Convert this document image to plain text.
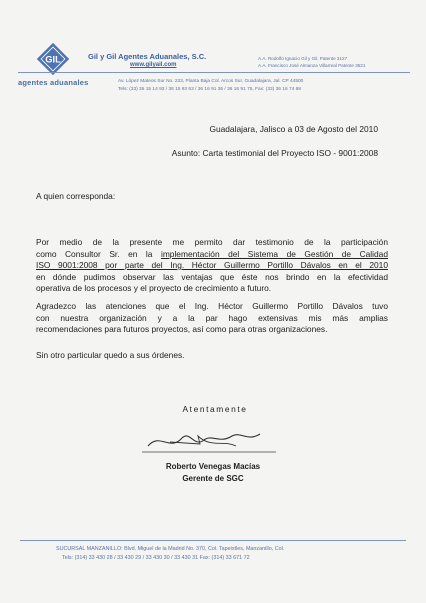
GIL
agentes aduanales
Gil y Gil Agentes Aduanales, S.C.
www.gilyail.com
A.A. Rodolfo Ignacio Gil y Gil, Patente 3127
A.A. Francisco José Almanza Villarreal Patente 3521
Av. López Mateos Sur No. 233, Planta Baja Col. Arcos Sur, Guadalajara, Jal. CP 44500
Tels: (33) 36 15 14 93 / 36 15 93 63 / 36 16 91 36 / 36 16 91 75, Fax: (33) 36 16 74 68
Guadalajara, Jalisco a 03 de Agosto del 2010
Asunto: Carta testimonial del Proyecto ISO - 9001:2008
A quien corresponda:
Por medio de la presente me permito dar testimonio de la participación
como Consultor Sr. en la implementación del Sistema de Gestión de Calidad
ISO 9001:2008 por parte del Ing. Héctor Guillermo Portillo Dávalos en el 2010
en dónde pudimos observar las ventajas que éste nos brindo en la efectividad
operativa de los procesos y el proyecto de crecimiento a futuro.
Agradezco las atenciones que el Ing. Héctor Guillermo Portillo Dávalos tuvo
con nuestra organización y a la par hago extensivas mis más amplias
recomendaciones para futuros proyectos, así como para otras organizaciones.
Sin otro particular quedo a sus órdenes.
Atentamente
Roberto Venegas Macías
Gerente de SGC
SUCURSAL MANZANILLO: Blvd. Miguel de la Madrid No. 370, Col. Tapeixtles, Manzanillo, Col.
Tels: (314) 33 430 28 / 33 430 29 / 33 430 30 / 33 430 31 Fax: (314) 33 671 72
